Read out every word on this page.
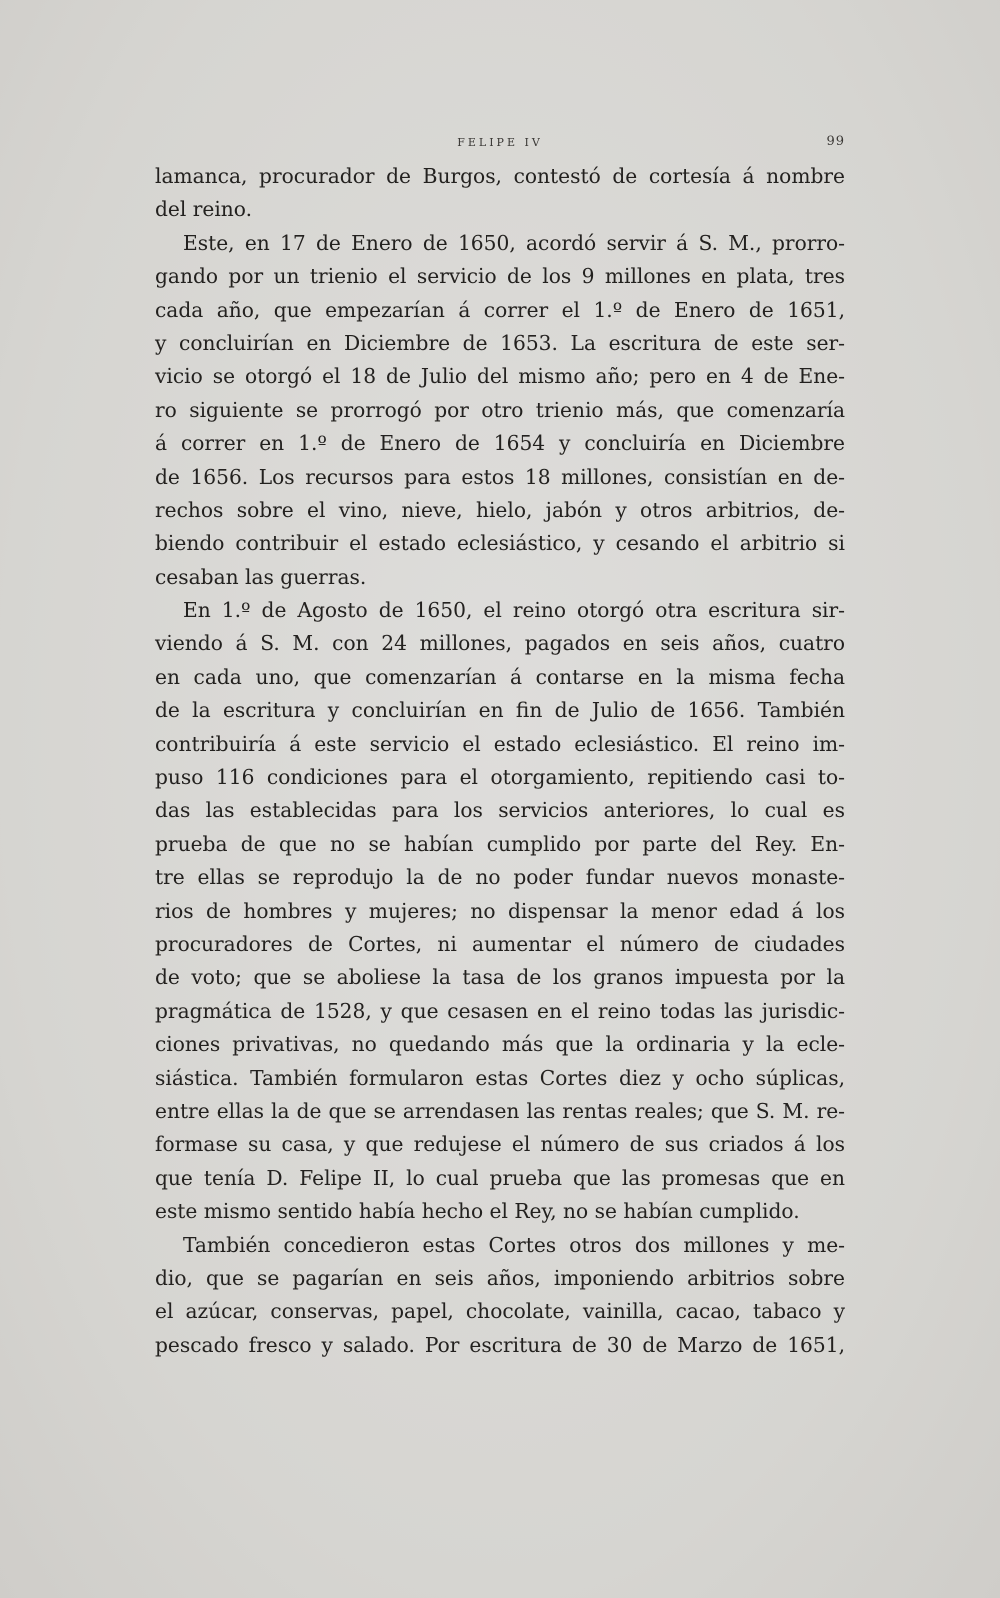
FELIPE IV	99
lamanca, procurador de Burgos, contestó de cortesía á nombre
del reino.
Este, en 17 de Enero de 1650, acordó servir á S. M., prorro-
gando por un trienio el servicio de los 9 millones en plata, tres
cada año, que empezarían á correr el 1.º de Enero de 1651,
y concluirían en Diciembre de 1653. La escritura de este ser-
vicio se otorgó el 18 de Julio del mismo año; pero en 4 de Ene-
ro siguiente se prorrogó por otro trienio más, que comenzaría
á correr en 1.º de Enero de 1654 y concluiría en Diciembre
de 1656. Los recursos para estos 18 millones, consistían en de-
rechos sobre el vino, nieve, hielo, jabón y otros arbitrios, de-
biendo contribuir el estado eclesiástico, y cesando el arbitrio si
cesaban las guerras.
En 1.º de Agosto de 1650, el reino otorgó otra escritura sir-
viendo á S. M. con 24 millones, pagados en seis años, cuatro
en cada uno, que comenzarían á contarse en la misma fecha
de la escritura y concluirían en fin de Julio de 1656. También
contribuiría á este servicio el estado eclesiástico. El reino im-
puso 116 condiciones para el otorgamiento, repitiendo casi to-
das las establecidas para los servicios anteriores, lo cual es
prueba de que no se habían cumplido por parte del Rey. En-
tre ellas se reprodujo la de no poder fundar nuevos monaste-
rios de hombres y mujeres; no dispensar la menor edad á los
procuradores de Cortes, ni aumentar el número de ciudades
de voto; que se aboliese la tasa de los granos impuesta por la
pragmática de 1528, y que cesasen en el reino todas las jurisdic-
ciones privativas, no quedando más que la ordinaria y la ecle-
siástica. También formularon estas Cortes diez y ocho súplicas,
entre ellas la de que se arrendasen las rentas reales; que S. M. re-
formase su casa, y que redujese el número de sus criados á los
que tenía D. Felipe II, lo cual prueba que las promesas que en
este mismo sentido había hecho el Rey, no se habían cumplido.
También concedieron estas Cortes otros dos millones y me-
dio, que se pagarían en seis años, imponiendo arbitrios sobre
el azúcar, conservas, papel, chocolate, vainilla, cacao, tabaco y
pescado fresco y salado. Por escritura de 30 de Marzo de 1651,
